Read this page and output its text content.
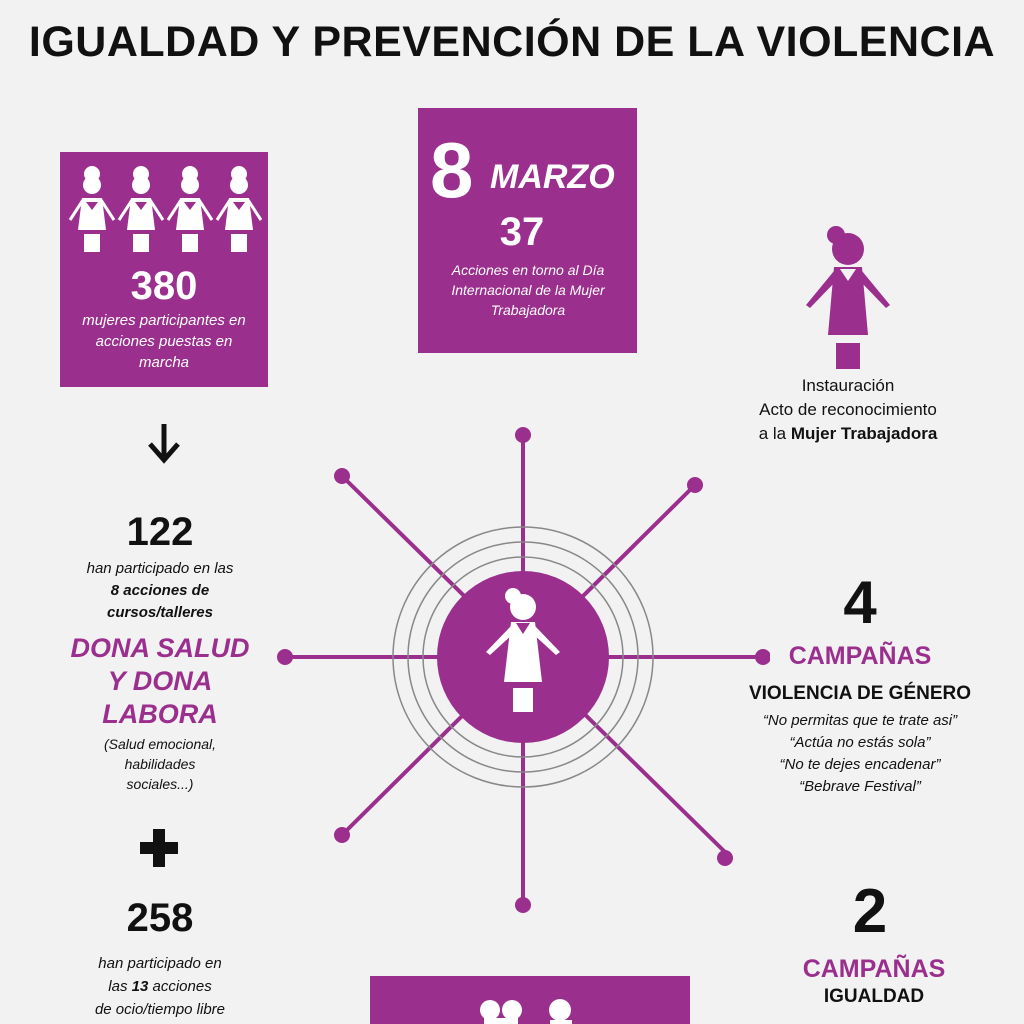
IGUALDAD Y PREVENCIÓN DE LA VIOLENCIA
380
mujeres participantes en acciones puestas en marcha
8 MARZO
37
Acciones en torno al Día Internacional de la Mujer Trabajadora
Instauración
Acto de reconocimiento
a la Mujer Trabajadora
122
han participado en las
8 acciones de
cursos/talleres
DONA SALUD
Y DONA
LABORA
(Salud emocional,
habilidades
sociales...)
258
han participado en
las 13 acciones
de ocio/tiempo libre
4
CAMPAÑAS
VIOLENCIA DE GÉNERO
“No permitas que te trate asi”
“Actúa no estás sola”
“No te dejes encadenar”
“Bebrave Festival”
2
CAMPAÑAS
IGUALDAD
